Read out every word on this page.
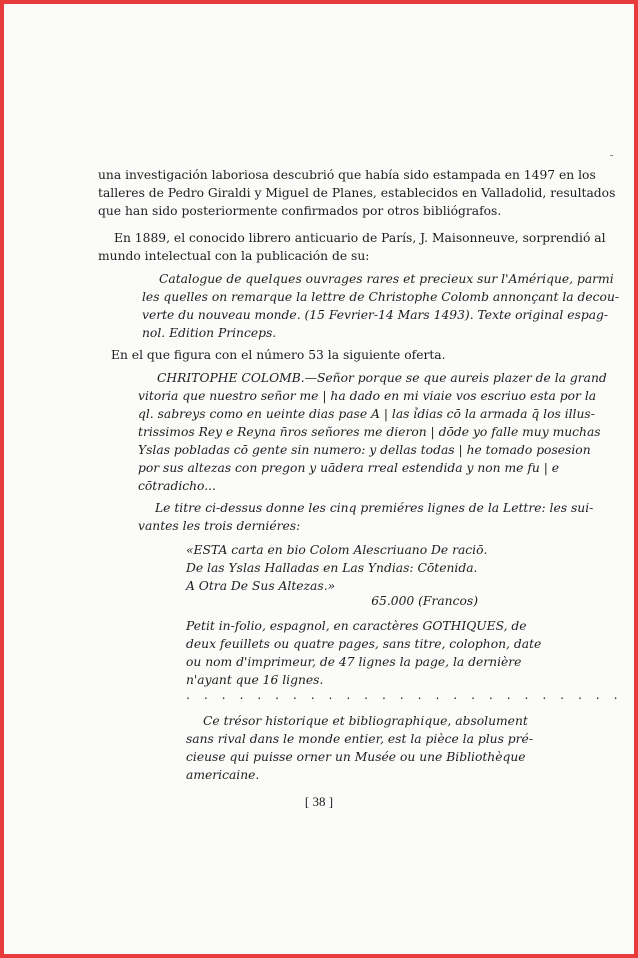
una investigación laboriosa descubrió que había sido estampada en 1497 en los
talleres de Pedro Giraldi y Miguel de Planes, establecidos en Valladolid, resultados
que han sido posteriormente confirmados por otros bibliógrafos.
En 1889, el conocido librero anticuario de París, J. Maisonneuve, sorprendió al
mundo intelectual con la publicación de su:
Catalogue de quelques ouvrages rares et precieux sur l'Amérique, parmi
les quelles on remarque la lettre de Christophe Colomb annonçant la decou-
verte du nouveau monde. (15 Fevrier-14 Mars 1493). Texte original espag-
nol. Edition Princeps.
En el que figura con el número 53 la siguiente oferta.
CHRITOPHE COLOMB.—Señor porque se que aureis plazer de la grand
vitoria que nuestro señor me | ha dado en mi viaie vos escriuo esta por la
ql. sabreys como en ueinte dias pase A | las ỉdias cō la armada q̄ los illus-
trissimos Rey e Reyna n̄ros señores me dieron | dōde yo falle muy muchas
Yslas pobladas cō gente sin numero: y dellas todas | he tomado posesion
por sus altezas con pregon y uādera rreal estendida y non me fu | e
cōtradicho...
Le titre ci-dessus donne les cinq premiéres lignes de la Lettre: les sui-
vantes les trois derniéres:
«ESTA carta en bio Colom Alescriuano De raciō.
De las Yslas Halladas en Las Yndias: Cōtenida.
A Otra De Sus Altezas.»
65.000 (Francos)
Petit in-folio, espagnol, en caractères GOTHIQUES, de
deux feuillets ou quatre pages, sans titre, colophon, date
ou nom d'imprimeur, de 47 lignes la page, la dernière
n'ayant que 16 lignes.
. . . . . . . . . . . . . . . . . . . . . . . . .
Ce trésor historique et bibliographique, absolument
sans rival dans le monde entier, est la pièce la plus pré-
cieuse qui puisse orner un Musée ou une Bibliothèque
americaine.
[ 38 ]
